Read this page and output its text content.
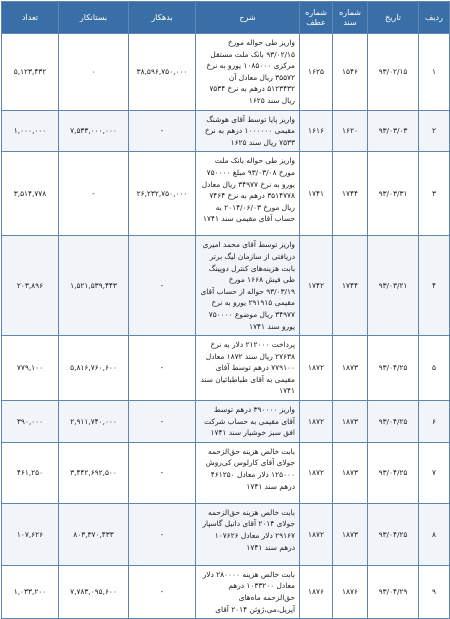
ردیف	تاریخ	شماره سند	شماره عطف	شرح	بدهکار	بستانکار	تعداد
۱	۹۳/۰۲/۱۵	۱۵۴۶	۱۶۲۵	واریز طی حواله مورخ ۹۳/۰۲/۱۵ بانک ملت مستقل مرکزی ۱۰۸۵۰۰۰ یورو به نرخ ۳۵۵۷۲ ریال معادل آن ۵۱۲۳۴۳۲ درهم به نرخ ۷۵۳۴ ریال سند ۱۶۲۵	۳۸,۵۹۶,۷۵۰,۰۰۰	۰	۵,۱۲۳,۴۳۲
۲	۹۳/۰۳/۰۳	۱۶۲۰	۱۶۱۶	واریز پایا توسط آقای هوشنگ مقیمی ۱۰۰۰۰۰۰ درهم به نرخ ۷۵۳۳ ریال سند ۱۶۲۵	-	۷,۵۳۳,۰۰۰,۰۰۰	۱,۰۰۰,۰۰۰
۳	۹۳/۰۳/۳۱	۱۷۴۴	۱۷۴۱	واریز طی حواله بانک ملت مورخ ۹۳/۰۳/۰۸ مبلغ ۷۵۰۰۰۰ یورو به نرخ ۳۴۹۷۷ ریال معادل ۳۵۱۴۷۷۸ درهم به نرخ ۷۴۶۴ ریال مورخ ۲۰۱۴/۰۶/۰۳ به حساب آقای مقیمی سند ۱۷۴۱	۲۶,۲۳۲,۷۵۰,۰۰۰	-	۳,۵۱۴,۷۷۸
۴	۹۳/۰۳/۲۱	۱۷۴۴	۱۷۴۲	واریز توسط آقای محمد امیری دریافتی از سازمان لیگ برتر بابت هزینه‌های کنترل دوپینگ طی فیش ۱۶۶۸ مورخ ۹۳/۰۳/۱۹ حواله از حساب آقای مقیمی ۲۹۱۹۱۵ یورو به نرخ ۳۴۹۷۷ ریال موضوع ۷۵۰۰۰۰ یورو سند ۱۷۴۱	-	۱,۵۲۱,۵۳۹,۴۴۳	۲۰۳,۸۹۶
۵	۹۳/۰۴/۲۵	۱۸۷۳	۱۸۷۲	پرداخت ۲۱۲۰۰۰ دلار به نرخ ۲۷۶۳۸ ریال سند ۱۸۷۲ معادل ۷۷۹۱۰۰ درهم توسط آقای مقیمی به آقای طباطبائیان سند ۱۷۴۱	-	۵,۸۱۶,۷۶۰,۶۰۰	۷۷۹,۱۰۰
۶	۹۳/۰۴/۲۵	۱۸۷۳	۱۸۷۲	واریز ۳۹۰۰۰۰ درهم توسط آقای مقیمی به حساب شرکت افق سبز خوشیار سند ۱۷۴۱	-	۲,۹۱۱,۷۴۰,۰۰۰	۳۹۰,۰۰۰
۷	۹۳/۰۴/۲۵	۱۸۷۳	۱۸۷۲	بابت خالص هزینه حق‌الزحمه جولای آقای کارلوس کی‌روش ۱۲۵۰۰۰ دلار معادل ۴۶۱۲۵۰ درهم سند ۱۷۴۱	-	۳,۴۴۲,۶۹۲,۵۰۰	۴۶۱,۲۵۰
۸	۹۳/۰۴/۲۵	۱۸۷۳	۱۸۷۲	بابت خالص هزینه حق‌الزحمه جولای ۲۰۱۴ آقای دانیل گاسپار ۲۹۱۶۷ دلار معادل ۱۰۷۶۲۶ درهم سند ۱۷۴۱	-	۸۰۳,۳۷۰,۴۳۳	۱۰۷,۶۲۶
۹	۹۳/۰۴/۲۹	۱۸۷۶	۱۸۷۶	بابت خالص هزینه ۲۸۰۰۰۰ دلار معادل ۱۰۳۳۲۰۰ درهم حق‌الزحمه ماه‌های آپریل،می،ژوئن ۲۰۱۴ آقای	-	۷,۷۸۳,۰۹۵,۶۰۰	۱,۰۳۳,۲۰۰
